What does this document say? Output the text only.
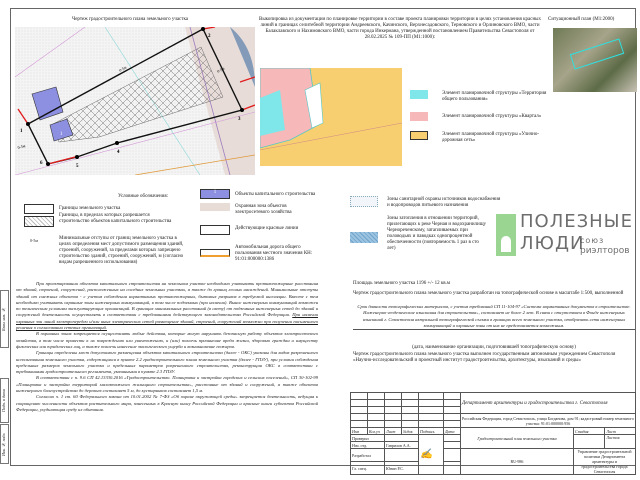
Взам. инв. №
Подп. и дата
Инв. № подл.
Чертеж градостроительного плана земельного участка
1
1
2
3
4
5
6
0-5м
0-5м	0-5м
Выкопировка из документации по планировке территории в составе проекта планировки территории в целях установления красных линий в границах селитебной территории Андреевского, Качинского, Верхнесадовского, Терновского и Орлиновского ВМО, части Балаклавского и Нахимовского ВМО, части города Инкермана, утвержденной постановлением Правительства Севастополя от 28.02.2025 № 109-ПП (М1:1000):
Элемент планировочной структуры «Территория общего пользования»
Элемент планировочной структуры «Квартал»
Элемент планировочной структуры «Улично-дорожная сеть»
Ситуационный план (М1:2000)
Условные обозначения:
Границы земельного участка
Границы, в пределах которых разрешается строительство объектов капитального строительства
0-5м	Минимальные отступы от границ земельного участка в целях определения мест допустимого размещения зданий, строений, сооружений, за пределами которых запрещено строительство зданий, строений, сооружений, м (согласно видам разрешенного использования)
1	Объекты капитального строительства
Охранная зона объектов электросетевого хозяйства
Действующие красные линии
Автомобильная дорога общего пользования местного значения КН: 91:01:000000:1386
Зоны санитарной охраны источников водоснабжения и водопроводов питьевого назначения
Зоны затопления в отношении территорий, прилегающих к реке Черная и водохранилищу Чернореченскому, затапливаемых при половодьях и паводках однопроцентной обеспеченности (повторяемость 1 раз в сто лет)
ПОЛЕЗНЫЕ
ЛЮДИ
союз
риэлторов
При проектировании объектов капитального строительства на земельном участке необходимо учитывать противопожарные расстояния от зданий, строений, сооружений, расположенных на соседних земельных участках, а также до границ лесных насаждений. Минимальные отступы зданий от смежных объектов - с учетом соблюдения нормативных противопожарных, бытовых разрывов в требуемой инсоляции. Вместе с тем необходимо учитывать охранные зоны инженерных коммуникаций, в том числе подземных (при наличии). Вынос инженерных коммуникаций возможен по техническим условиям эксплуатирующих организаций. В границах минимальных расстояний (в свету) от подземных инженерных сетей до зданий и сооружений деятельность осуществлять в соответствии с требованиями действующего законодательства Российской Федерации. При наличии охранных зон линий электропередач и/или иных электрических сетей размещение зданий, строений, сооружений возможно при получении письменного решения о согласовании сетевых организаций.
В охранных зонах запрещается осуществлять любые действия, которые могут нарушить безопасную работу объектов электросетевого хозяйства, в том числе привести к их повреждению или уничтожению, и (или) повлечь причинение вреда жизни, здоровью граждан и имуществу физических или юридических лиц, а также повлечь нанесение экологического ущерба и возникновение пожаров.
Границы определены мест допустимого размещения объектов капитального строительства (далее - ОКС) указаны для видов разрешенного использования земельного участка, содержащихся в пункте 2.2 градостроительного плана земельного участка (далее - ГПЗУ), при условии соблюдения предельных размеров земельного участка и предельных параметров разрешенного строительства, реконструкции ОКС в соответствии с требованиями градостроительного регламента, указанными в пункте 2.3 ГПЗУ.
В соответствии с п. 9.6 СП 42.13330.2016 «Градостроительство. Планировка и застройка городских и сельских поселений», СП 30-102-99 «Планировка и застройка территорий малоэтажного жилищного строительства», расстояние от зданий и сооружений, а также объектов инженерного благоустройства до деревьев составляет 5 м, до кустарников составляет 1,5 м.
Согласно ч. 1 ст. 60 Федерального закона от 10.01.2002 № 7-ФЗ «Об охране окружающей среды» запрещается деятельность, ведущая к сокращению численности объектов растительного мира, занесенных в Красную книгу Российской Федерации и красные книги субъектов Российской Федерации, ухудшающая среду их обитания.
Площадь земельного участка 1196 +/- 12 кв.м
Чертеж градостроительного плана земельного участка разработан на топографической основе в масштабе 1:500, выполненной
Срок давности топографических материалов, с учетом требований СП 11-104-97 «Система нормативных документов в строительстве. Инженерно-геодезические изыскания для строительства», составляет не более 2 лет. В связи с отсутствием в Фонде инженерных изысканий г. Севастополя актуальной топографической съемки в границах всего земельного участка, отобразить сети инженерных коммуникаций и охранные зоны от них не представляется возможным.
(дата, наименование организации, подготовившей топографическую основу)
Чертеж градостроительного плана земельного участка выполнен государственным автономным учреждением Севастополя «Научно-исследовательский и проектный институт градостроительства, архитектуры, изысканий и среды»
						Департамент архитектуры и градостроительства г. Севастополя		

						Российская Федерация, город Севастополь, улица Богданова, дом 91; кадастровый номер земельного участка: 91:01:000000:956		

Изм	Кол.уч	Лист	№док	Подпись	Дата	Градостроительный план земельного участка	Стадия	Лист
Проверил				✍				Листов
Нач. отд.		Гаврилов А.А.						
Разработал						RU-986	Управление градостроительной политики Департамента архитектуры и градостроительства города Севастополя	
Гл. спец.		Юнин Р.С.						
